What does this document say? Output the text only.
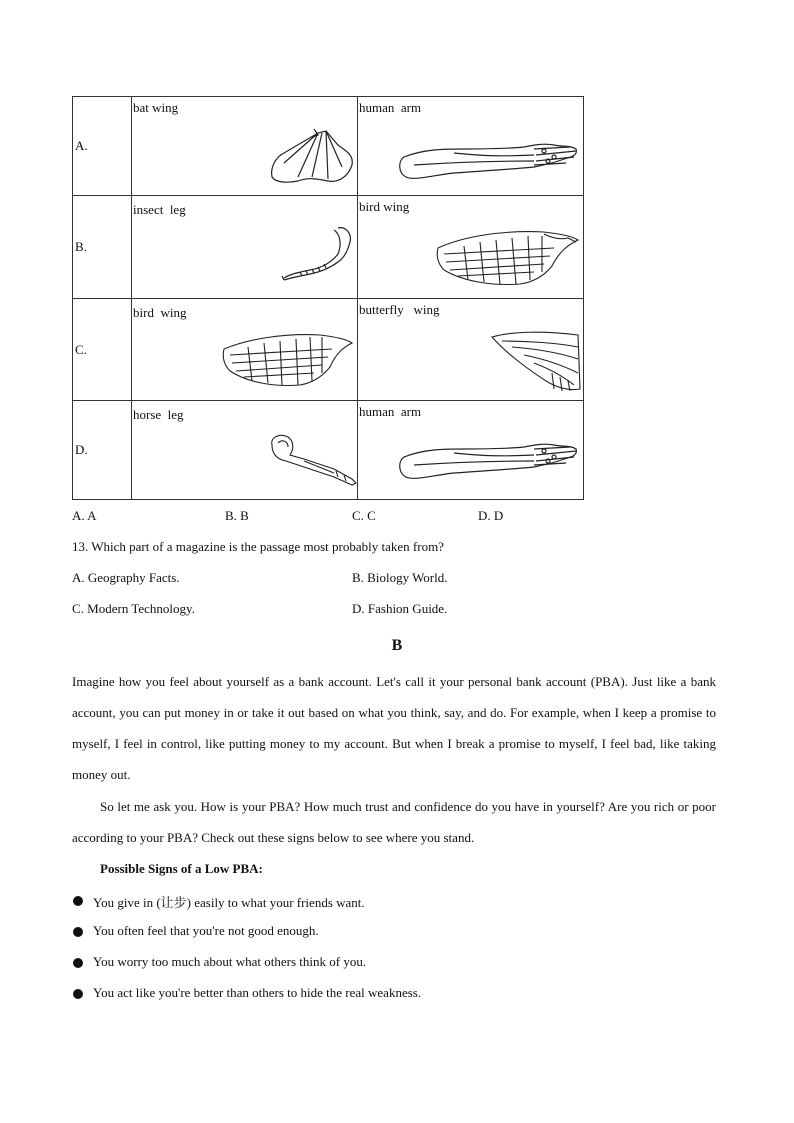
A.	bat wing	human  arm

B.	insect  leg	bird wing

C.	bird  wing	butterfly   wing

D.	horse  leg	human  arm
A. A	B. B	C. C	D. D
13. Which part of a magazine is the passage most probably taken from?
A. Geography Facts.	B. Biology World.
C. Modern Technology.	D. Fashion Guide.
B
Imagine how you feel about yourself as a bank account. Let's call it your personal bank account (PBA). Just like a bank account, you can put money in or take it out based on what you think, say, and do. For example, when I keep a promise to myself, I feel in control, like putting money to my account. But when I break a promise to myself, I feel bad, like taking money out.
So let me ask you. How is your PBA? How much trust and confidence do you have in yourself? Are you rich or poor according to your PBA? Check out these signs below to see where you stand.
Possible Signs of a Low PBA:
You give in (让步) easily to what your friends want.
You often feel that you're not good enough.
You worry too much about what others think of you.
You act like you're better than others to hide the real weakness.
